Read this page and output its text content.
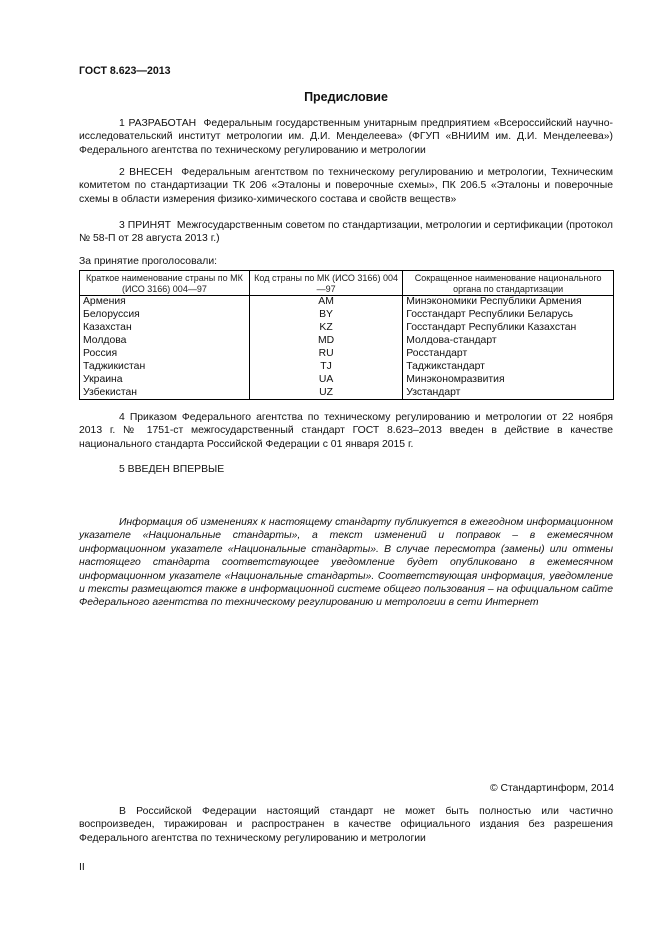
ГОСТ 8.623—2013
Предисловие
1 РАЗРАБОТАН Федеральным государственным унитарным предприятием «Всероссийский научно-исследовательский институт метрологии им. Д.И. Менделеева» (ФГУП «ВНИИМ им. Д.И. Менделеева») Федерального агентства по техническому регулированию и метрологии
2 ВНЕСЕН Федеральным агентством по техническому регулированию и метрологии, Техническим комитетом по стандартизации ТК 206 «Эталоны и поверочные схемы», ПК 206.5 «Эталоны и поверочные схемы в области измерения физико-химического состава и свойств веществ»
3 ПРИНЯТ Межгосударственным советом по стандартизации, метрологии и сертификации (протокол № 58-П от 28 августа 2013 г.)
За принятие проголосовали:
Краткое наименование страны по МК (ИСО 3166) 004—97	Код страны по МК (ИСО 3166) 004—97	Сокращенное наименование национального органа по стандартизации
Армения	AM	Минэкономики Республики Армения
Белоруссия	BY	Госстандарт Республики Беларусь
Казахстан	KZ	Госстандарт Республики Казахстан
Молдова	MD	Молдова-стандарт
Россия	RU	Росстандарт
Таджикистан	TJ	Таджикстандарт
Украина	UA	Минэкономразвития
Узбекистан	UZ	Узстандарт
4 Приказом Федерального агентства по техническому регулированию и метрологии от 22 ноября 2013 г. № 1751-ст межгосударственный стандарт ГОСТ 8.623–2013 введен в действие в качестве национального стандарта Российской Федерации с 01 января 2015 г.
5 ВВЕДЕН ВПЕРВЫЕ
Информация об изменениях к настоящему стандарту публикуется в ежегодном информационном указателе «Национальные стандарты», а текст изменений и поправок – в ежемесячном информационном указателе «Национальные стандарты». В случае пересмотра (замены) или отмены настоящего стандарта соответствующее уведомление будет опубликовано в ежемесячном информационном указателе «Национальные стандарты». Соответствующая информация, уведомление и тексты размещаются также в информационной системе общего пользования – на официальном сайте Федерального агентства по техническому регулированию и метрологии в сети Интернет
© Стандартинформ, 2014
В Российской Федерации настоящий стандарт не может быть полностью или частично воспроизведен, тиражирован и распространен в качестве официального издания без разрешения Федерального агентства по техническому регулированию и метрологии
II
